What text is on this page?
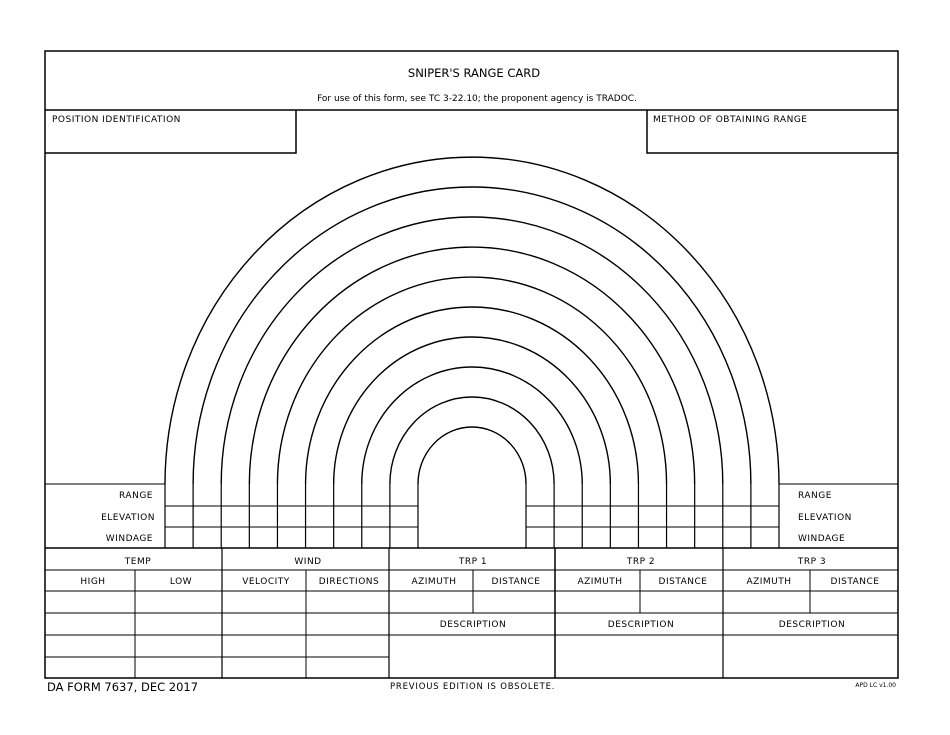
SNIPER'S RANGE CARD
For use of this form, see TC 3-22.10; the proponent agency is TRADOC.
POSITION IDENTIFICATION	METHOD OF OBTAINING RANGE
RANGE
ELEVATION
WINDAGE
RANGE
ELEVATION
WINDAGE
TEMP	WIND	TRP 1	TRP 2	TRP 3
HIGH	LOW	VELOCITY	DIRECTIONS	AZIMUTH	DISTANCE	AZIMUTH	DISTANCE	AZIMUTH	DISTANCE
DESCRIPTION	DESCRIPTION	DESCRIPTION
DA FORM 7637, DEC 2017	PREVIOUS EDITION IS OBSOLETE.	APD LC v1.00
